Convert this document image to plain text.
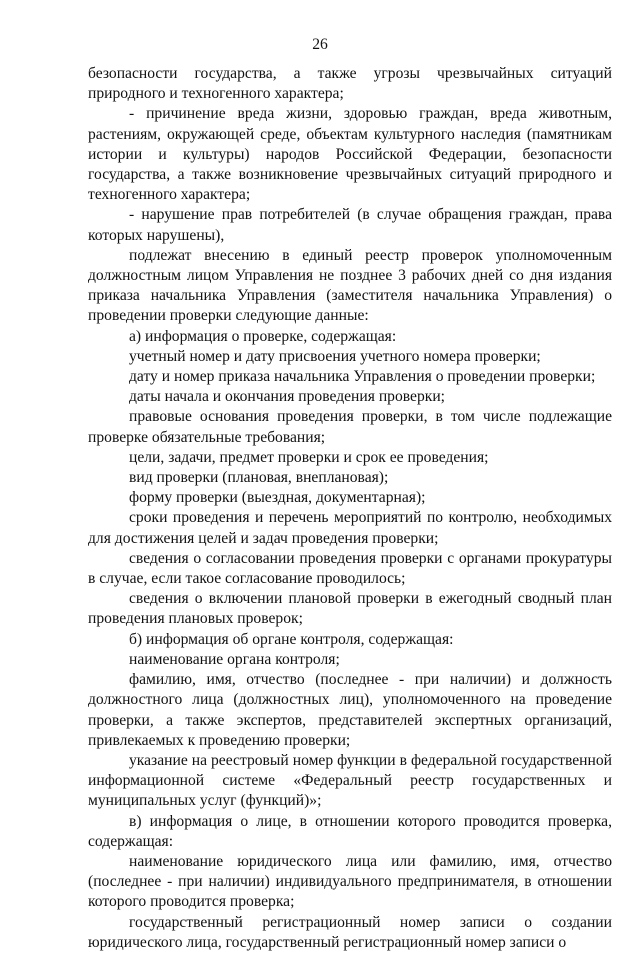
26

безопасности государства, а также угрозы чрезвычайных ситуаций природного и техногенного характера;

- причинение вреда жизни, здоровью граждан, вреда животным, растениям, окружающей среде, объектам культурного наследия (памятникам истории и культуры) народов Российской Федерации, безопасности государства, а также возникновение чрезвычайных ситуаций природного и техногенного характера;

- нарушение прав потребителей (в случае обращения граждан, права которых нарушены),

подлежат внесению в единый реестр проверок уполномоченным должностным лицом Управления не позднее 3 рабочих дней со дня издания приказа начальника Управления (заместителя начальника Управления) о проведении проверки следующие данные:

а) информация о проверке, содержащая:

учетный номер и дату присвоения учетного номера проверки;

дату и номер приказа начальника Управления о проведении проверки;

даты начала и окончания проведения проверки;

правовые основания проведения проверки, в том числе подлежащие проверке обязательные требования;

цели, задачи, предмет проверки и срок ее проведения;

вид проверки (плановая, внеплановая);

форму проверки (выездная, документарная);

сроки проведения и перечень мероприятий по контролю, необходимых для достижения целей и задач проведения проверки;

сведения о согласовании проведения проверки с органами прокуратуры в случае, если такое согласование проводилось;

сведения о включении плановой проверки в ежегодный сводный план проведения плановых проверок;

б) информация об органе контроля, содержащая:

наименование органа контроля;

фамилию, имя, отчество (последнее - при наличии) и должность должностного лица (должностных лиц), уполномоченного на проведение проверки, а также экспертов, представителей экспертных организаций, привлекаемых к проведению проверки;

указание на реестровый номер функции в федеральной государственной информационной системе «Федеральный реестр государственных и муниципальных услуг (функций)»;

в) информация о лице, в отношении которого проводится проверка, содержащая:

наименование юридического лица или фамилию, имя, отчество (последнее - при наличии) индивидуального предпринимателя, в отношении которого проводится проверка;

государственный регистрационный номер записи о создании юридического лица, государственный регистрационный номер записи о
